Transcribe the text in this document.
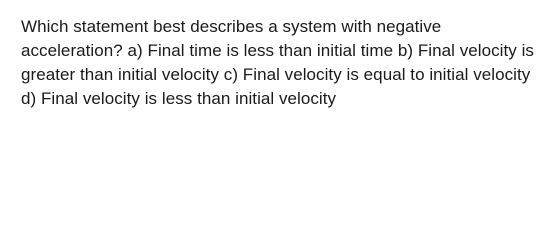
Which statement best describes a system with negative acceleration? a) Final time is less than initial time b) Final velocity is greater than initial velocity c) Final velocity is equal to initial velocity d) Final velocity is less than initial velocity
